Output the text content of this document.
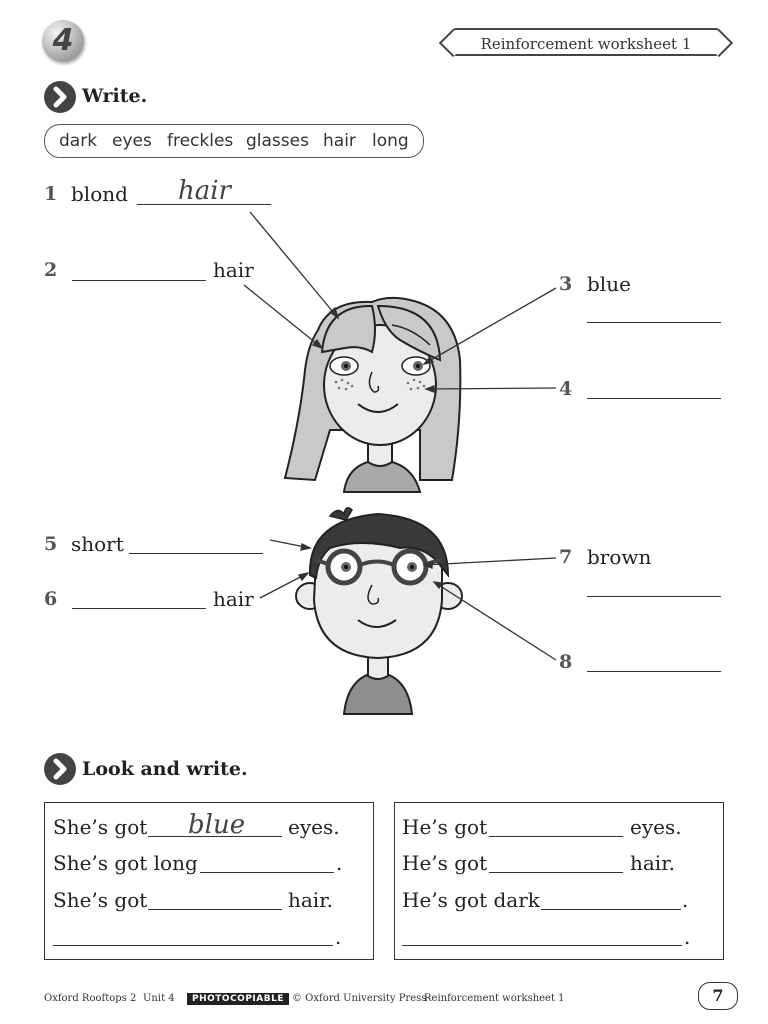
4	Reinforcement worksheet 1
Write.
dark eyes freckles glasses hair long
1 blond hair
2	hair
3 blue
4
5 short
6	hair
7 brown
8
Look and write.
She’s got blue eyes.
She’s got long	.
She’s got	hair.
.
He’s got	eyes.
He’s got	hair.
He’s got dark	.
.
Oxford Rooftops 2 Unit 4	PHOTOCOPIABLE © Oxford University Press
Reinforcement worksheet 1	7
